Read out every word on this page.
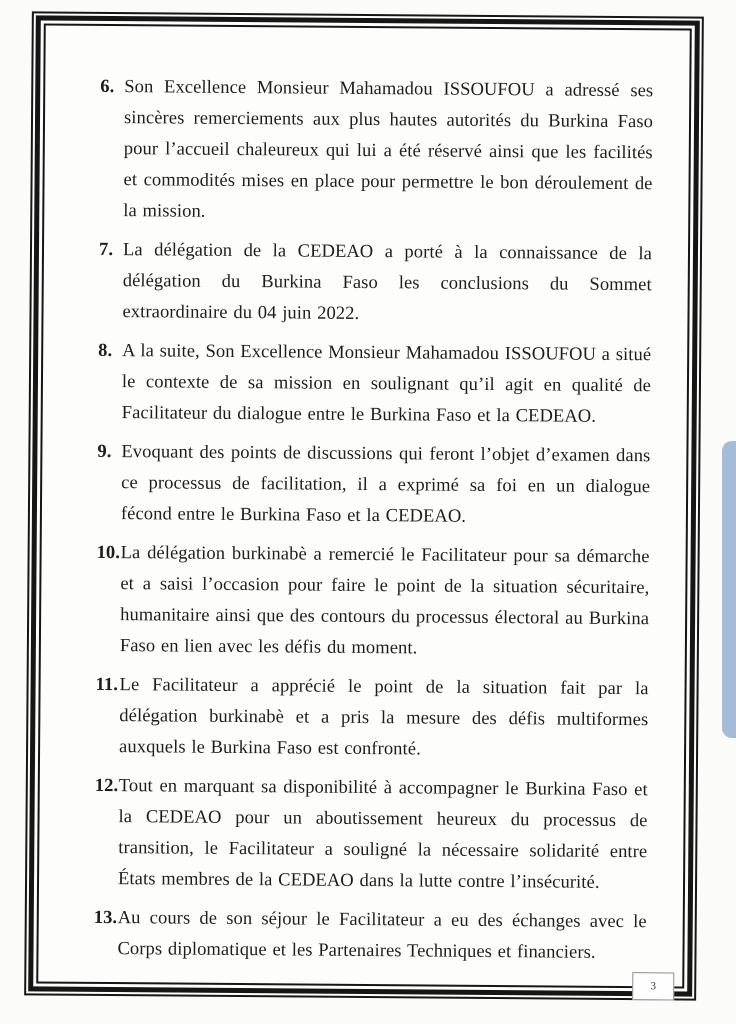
6. Son Excellence Monsieur Mahamadou ISSOUFOU a adressé ses sincères remerciements aux plus hautes autorités du Burkina Faso pour l’accueil chaleureux qui lui a été réservé ainsi que les facilités et commodités mises en place pour permettre le bon déroulement de la mission.
7. La délégation de la CEDEAO a porté à la connaissance de la délégation du Burkina Faso les conclusions du Sommet extraordinaire du 04 juin 2022.
8. A la suite, Son Excellence Monsieur Mahamadou ISSOUFOU a situé le contexte de sa mission en soulignant qu’il agit en qualité de Facilitateur du dialogue entre le Burkina Faso et la CEDEAO.
9. Evoquant des points de discussions qui feront l’objet d’examen dans ce processus de facilitation, il a exprimé sa foi en un dialogue fécond entre le Burkina Faso et la CEDEAO.
10. La délégation burkinabè a remercié le Facilitateur pour sa démarche et a saisi l’occasion pour faire le point de la situation sécuritaire, humanitaire ainsi que des contours du processus électoral au Burkina Faso en lien avec les défis du moment.
11. Le Facilitateur a apprécié le point de la situation fait par la délégation burkinabè et a pris la mesure des défis multiformes auxquels le Burkina Faso est confronté.
12. Tout en marquant sa disponibilité à accompagner le Burkina Faso et la CEDEAO pour un aboutissement heureux du processus de transition, le Facilitateur a souligné la nécessaire solidarité entre États membres de la CEDEAO dans la lutte contre l’insécurité.
13. Au cours de son séjour le Facilitateur a eu des échanges avec le Corps diplomatique et les Partenaires Techniques et financiers.
3
